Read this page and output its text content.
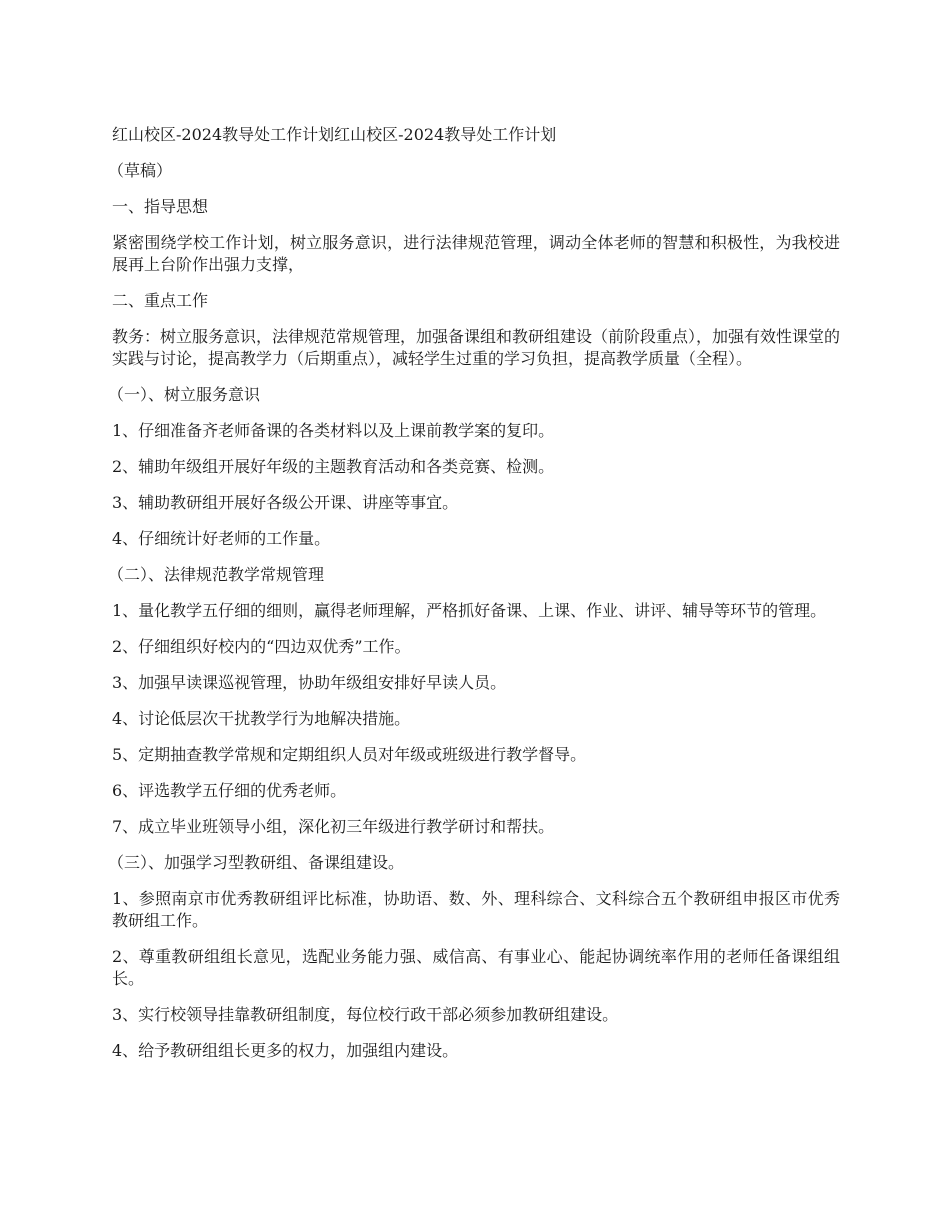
红山校区-2024教导处工作计划红山校区-2024教导处工作计划

（草稿）

一、指导思想

紧密围绕学校工作计划，树立服务意识，进行法律规范管理，调动全体老师的智慧和积极性，为我校进展再上台阶作出强力支撑，

二、重点工作

教务：树立服务意识，法律规范常规管理，加强备课组和教研组建设（前阶段重点），加强有效性课堂的实践与讨论，提高教学力（后期重点），减轻学生过重的学习负担，提高教学质量（全程）。

（一）、树立服务意识

1、仔细准备齐老师备课的各类材料以及上课前教学案的复印。

2、辅助年级组开展好年级的主题教育活动和各类竞赛、检测。

3、辅助教研组开展好各级公开课、讲座等事宜。

4、仔细统计好老师的工作量。

（二）、法律规范教学常规管理

1、量化教学五仔细的细则，赢得老师理解，严格抓好备课、上课、作业、讲评、辅导等环节的管理。

2、仔细组织好校内的“四边双优秀”工作。

3、加强早读课巡视管理，协助年级组安排好早读人员。

4、讨论低层次干扰教学行为地解决措施。

5、定期抽查教学常规和定期组织人员对年级或班级进行教学督导。

6、评选教学五仔细的优秀老师。

7、成立毕业班领导小组，深化初三年级进行教学研讨和帮扶。

（三）、加强学习型教研组、备课组建设。

1、参照南京市优秀教研组评比标准，协助语、数、外、理科综合、文科综合五个教研组申报区市优秀教研组工作。

2、尊重教研组组长意见，选配业务能力强、威信高、有事业心、能起协调统率作用的老师任备课组组长。

3、实行校领导挂靠教研组制度，每位校行政干部必须参加教研组建设。

4、给予教研组组长更多的权力，加强组内建设。
